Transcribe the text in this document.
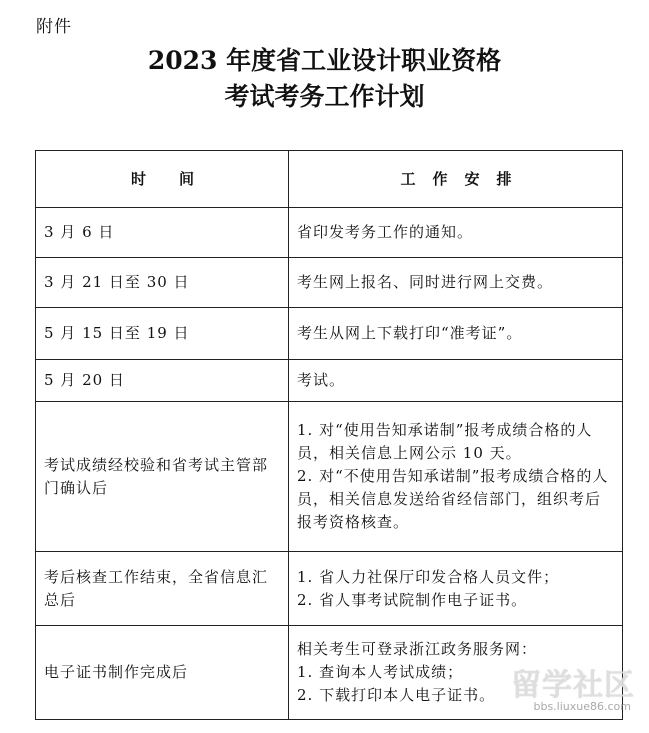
附件
2023 年度省工业设计职业资格
考试考务工作计划
时　　间	工　作　安　排
3 月 6 日	省印发考务工作的通知。

3 月 21 日至 30 日	考生网上报名、同时进行网上交费。

5 月 15 日至 19 日	考生从网上下载打印“准考证”。

5 月 20 日	考试。

考试成绩经校验和省考试主管部门确认后	1. 对“使用告知承诺制”报考成绩合格的人员，相关信息上网公示 10 天。
2. 对“不使用告知承诺制”报考成绩合格的人员，相关信息发送给省经信部门，组织考后报考资格核查。

考后核查工作结束，全省信息汇总后	1. 省人力社保厅印发合格人员文件；
2. 省人事考试院制作电子证书。

电子证书制作完成后	相关考生可登录浙江政务服务网：
1. 查询本人考试成绩；
2. 下载打印本人电子证书。 留学社区
bbs.liuxue86.com
